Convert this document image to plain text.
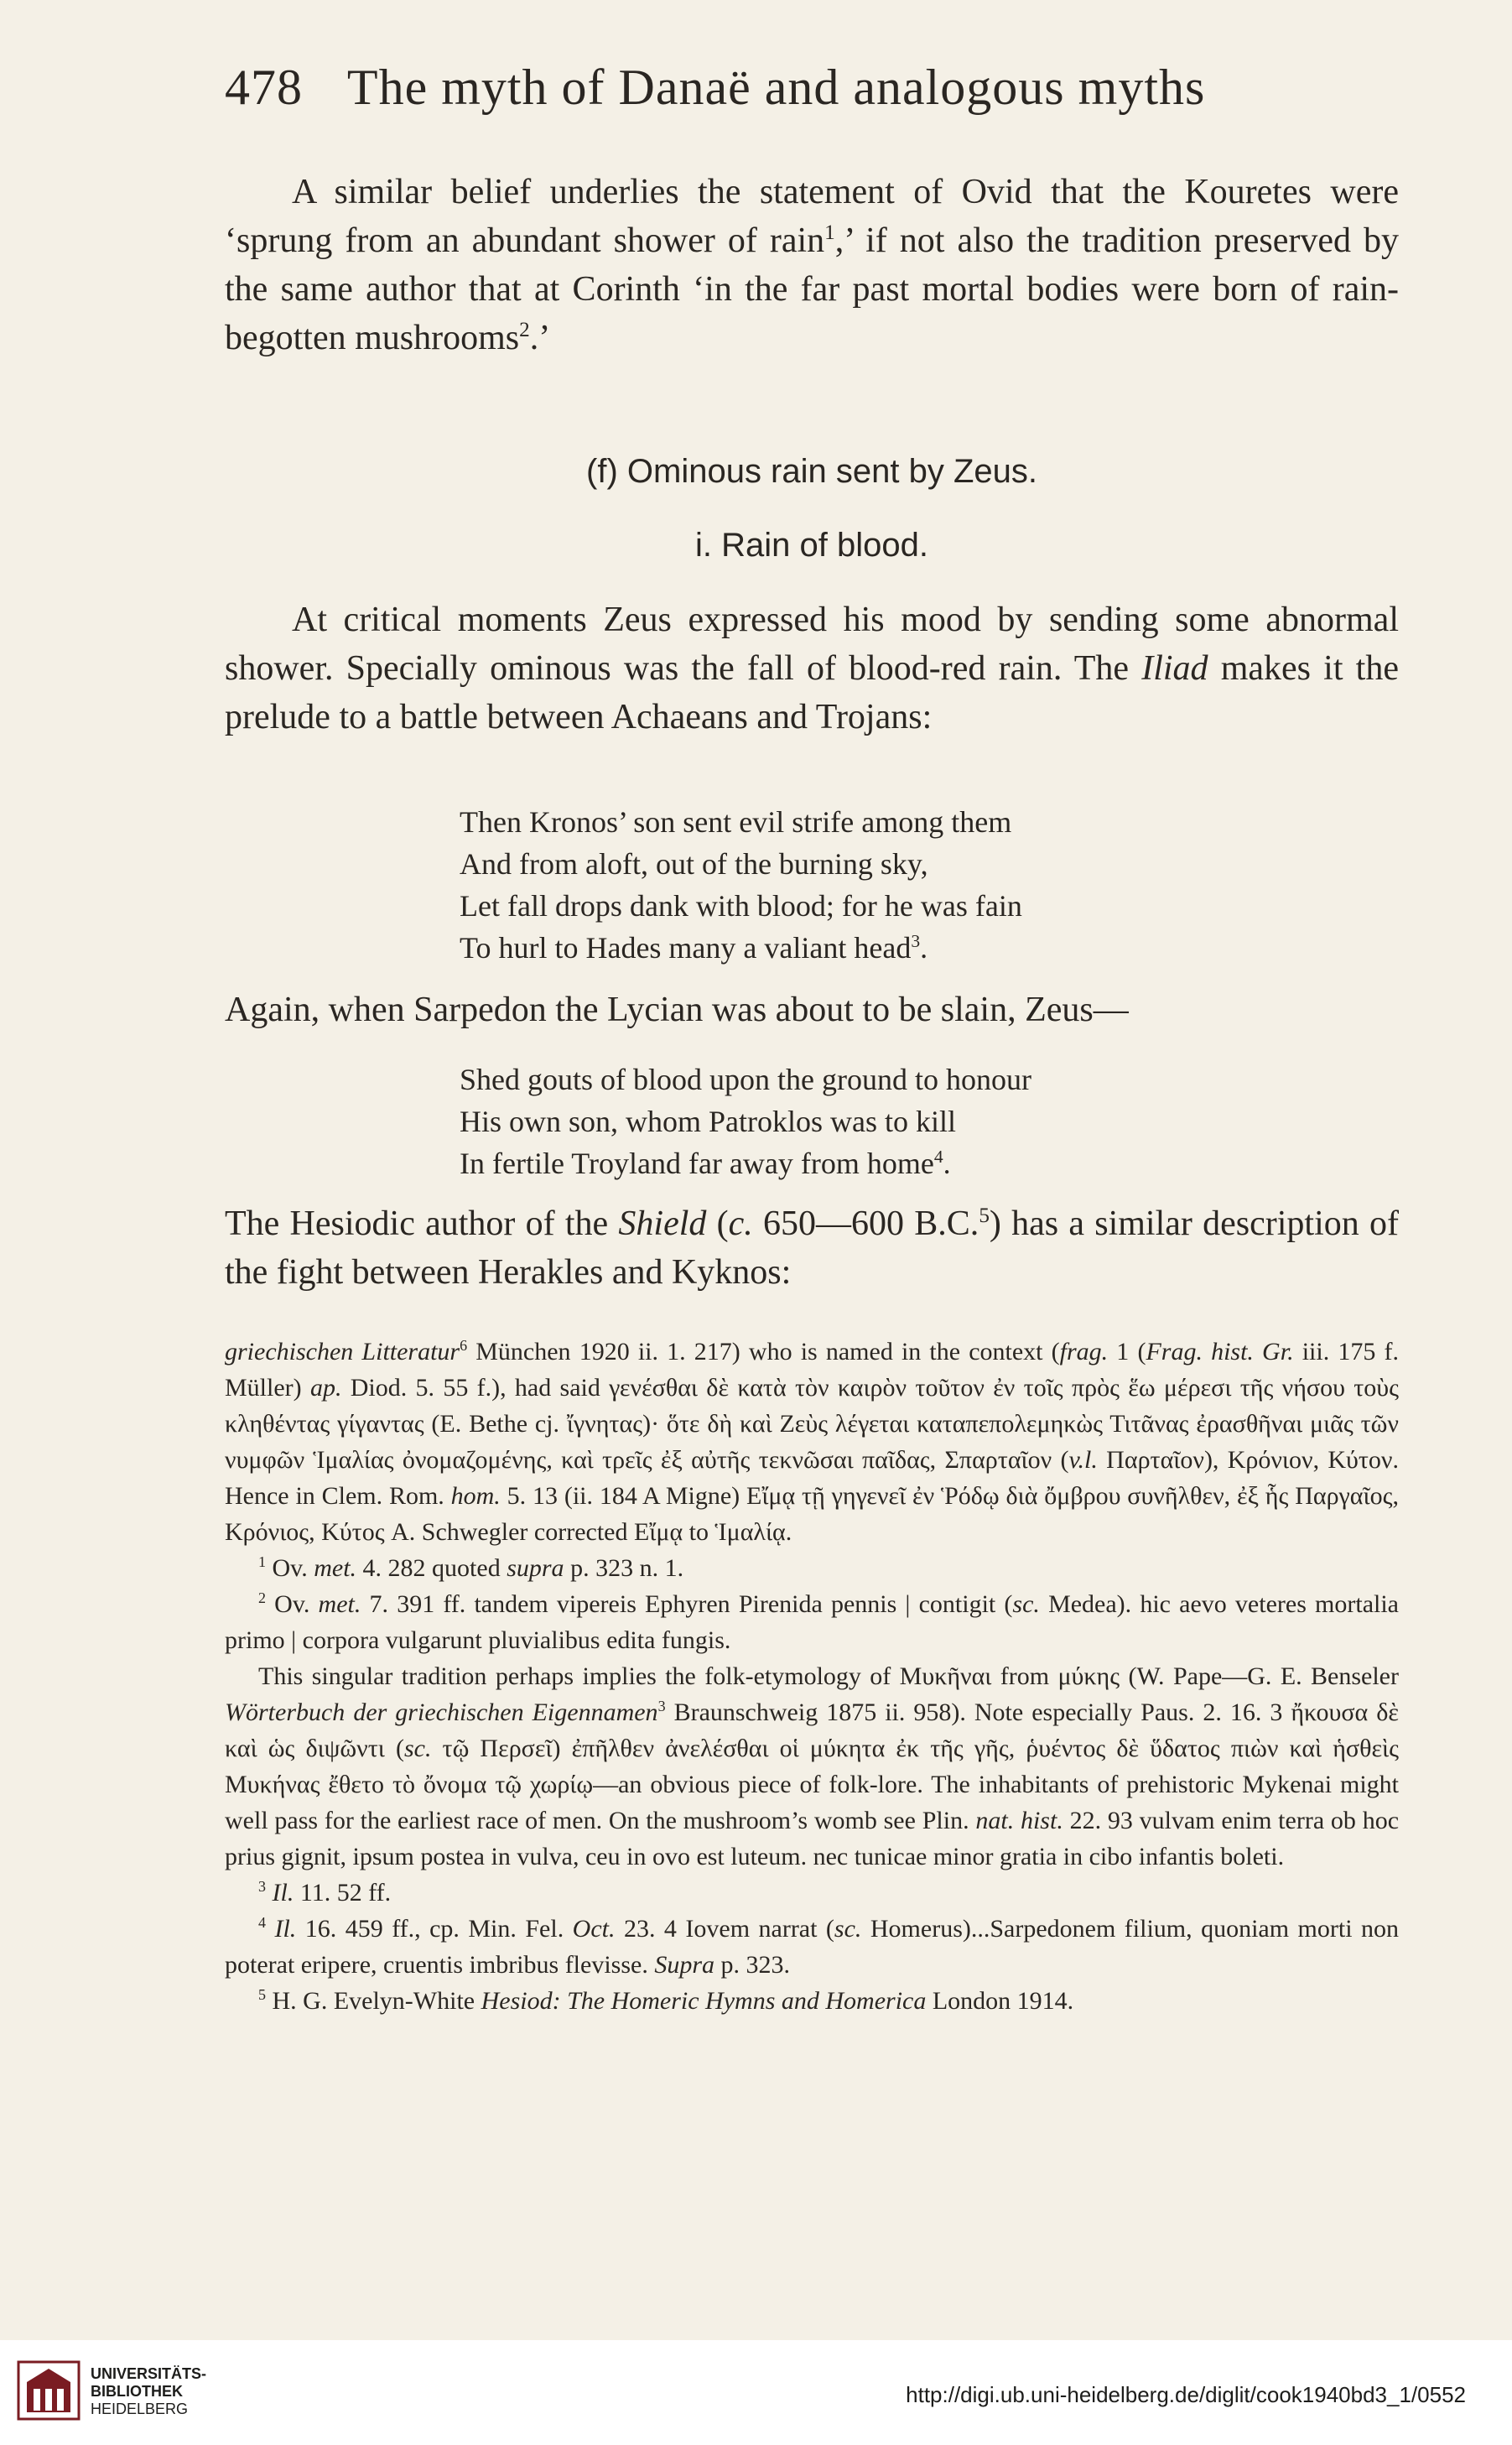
478 The myth of Danaë and analogous myths

A similar belief underlies the statement of Ovid that the Kouretes were ‘sprung from an abundant shower of rain$^1$,’ if not also the tradition preserved by the same author that at Corinth ‘in the far past mortal bodies were born of rain-begotten mushrooms$^2$.’

(f) Ominous rain sent by Zeus.
i. Rain of blood.

At critical moments Zeus expressed his mood by sending some abnormal shower. Specially ominous was the fall of blood-red rain. The Iliad makes it the prelude to a battle between Achaeans and Trojans:

Then Kronos’ son sent evil strife among them
And from aloft, out of the burning sky,
Let fall drops dank with blood; for he was fain
To hurl to Hades many a valiant head$^3$.

Again, when Sarpedon the Lycian was about to be slain, Zeus—

Shed gouts of blood upon the ground to honour
His own son, whom Patroklos was to kill
In fertile Troyland far away from home$^4$.

The Hesiodic author of the Shield (c. 650—600 B.C.$^5$) has a similar description of the fight between Herakles and Kyknos:

griechischen Litteratur$^6$ München 1920 ii. 1. 217) who is named in the context (frag. 1 (Frag. hist. Gr. iii. 175 f. Müller) ap. Diod. 5. 55 f.), had said γενέσθαι δὲ κατὰ τὸν καιρὸν τοῦτον ἐν τοῖς πρὸς ἕω μέρεσι τῆς νήσου τοὺς κληθέντας γίγαντας (E. Bethe cj. ἴγνητας)· ὅτε δὴ καὶ Ζεὺς λέγεται καταπεπολεμηκὼς Τιτᾶνας ἐρασθῆναι μιᾶς τῶν νυμφῶν Ἱμαλίας ὀνομαζομένης, καὶ τρεῖς ἐξ αὐτῆς τεκνῶσαι παῖδας, Σπαρταῖον (v.l. Παρταῖον), Κρόνιον, Κύτον. Hence in Clem. Rom. hom. 5. 13 (ii. 184 A Migne) Εἴμᾳ τῇ γηγενεῖ ἐν Ῥόδῳ διὰ ὄμβρου συνῆλθεν, ἐξ ἧς Παργαῖος, Κρόνιος, Κύτος A. Schwegler corrected Εἴμᾳ to Ἱμαλίᾳ.

$^1$ Ov. met. 4. 282 quoted supra p. 323 n. 1.

$^2$ Ov. met. 7. 391 ff. tandem vipereis Ephyren Pirenida pennis | contigit (sc. Medea). hic aevo veteres mortalia primo | corpora vulgarunt pluvialibus edita fungis.

This singular tradition perhaps implies the folk-etymology of Μυκῆναι from μύκης (W. Pape—G. E. Benseler Wörterbuch der griechischen Eigennamen$^3$ Braunschweig 1875 ii. 958). Note especially Paus. 2. 16. 3 ἤκουσα δὲ καὶ ὡς διψῶντι (sc. τῷ Περσεῖ) ἐπῆλθεν ἀνελέσθαι οἱ μύκητα ἐκ τῆς γῆς, ῥυέντος δὲ ὕδατος πιὼν καὶ ἡσθεὶς Μυκήνας ἔθετο τὸ ὄνομα τῷ χωρίῳ—an obvious piece of folk-lore. The inhabitants of prehistoric Mykenai might well pass for the earliest race of men. On the mushroom’s womb see Plin. nat. hist. 22. 93 vulvam enim terra ob hoc prius gignit, ipsum postea in vulva, ceu in ovo est luteum. nec tunicae minor gratia in cibo infantis boleti.

$^3$ Il. 11. 52 ff.

$^4$ Il. 16. 459 ff., cp. Min. Fel. Oct. 23. 4 Iovem narrat (sc. Homerus)...Sarpedonem filium, quoniam morti non poterat eripere, cruentis imbribus flevisse. Supra p. 323.

$^5$ H. G. Evelyn-White Hesiod: The Homeric Hymns and Homerica London 1914.

UNIVERSITÄTS-
BIBLIOTHEK
HEIDELBERG
http://digi.ub.uni-heidelberg.de/diglit/cook1940bd3_1/0552
